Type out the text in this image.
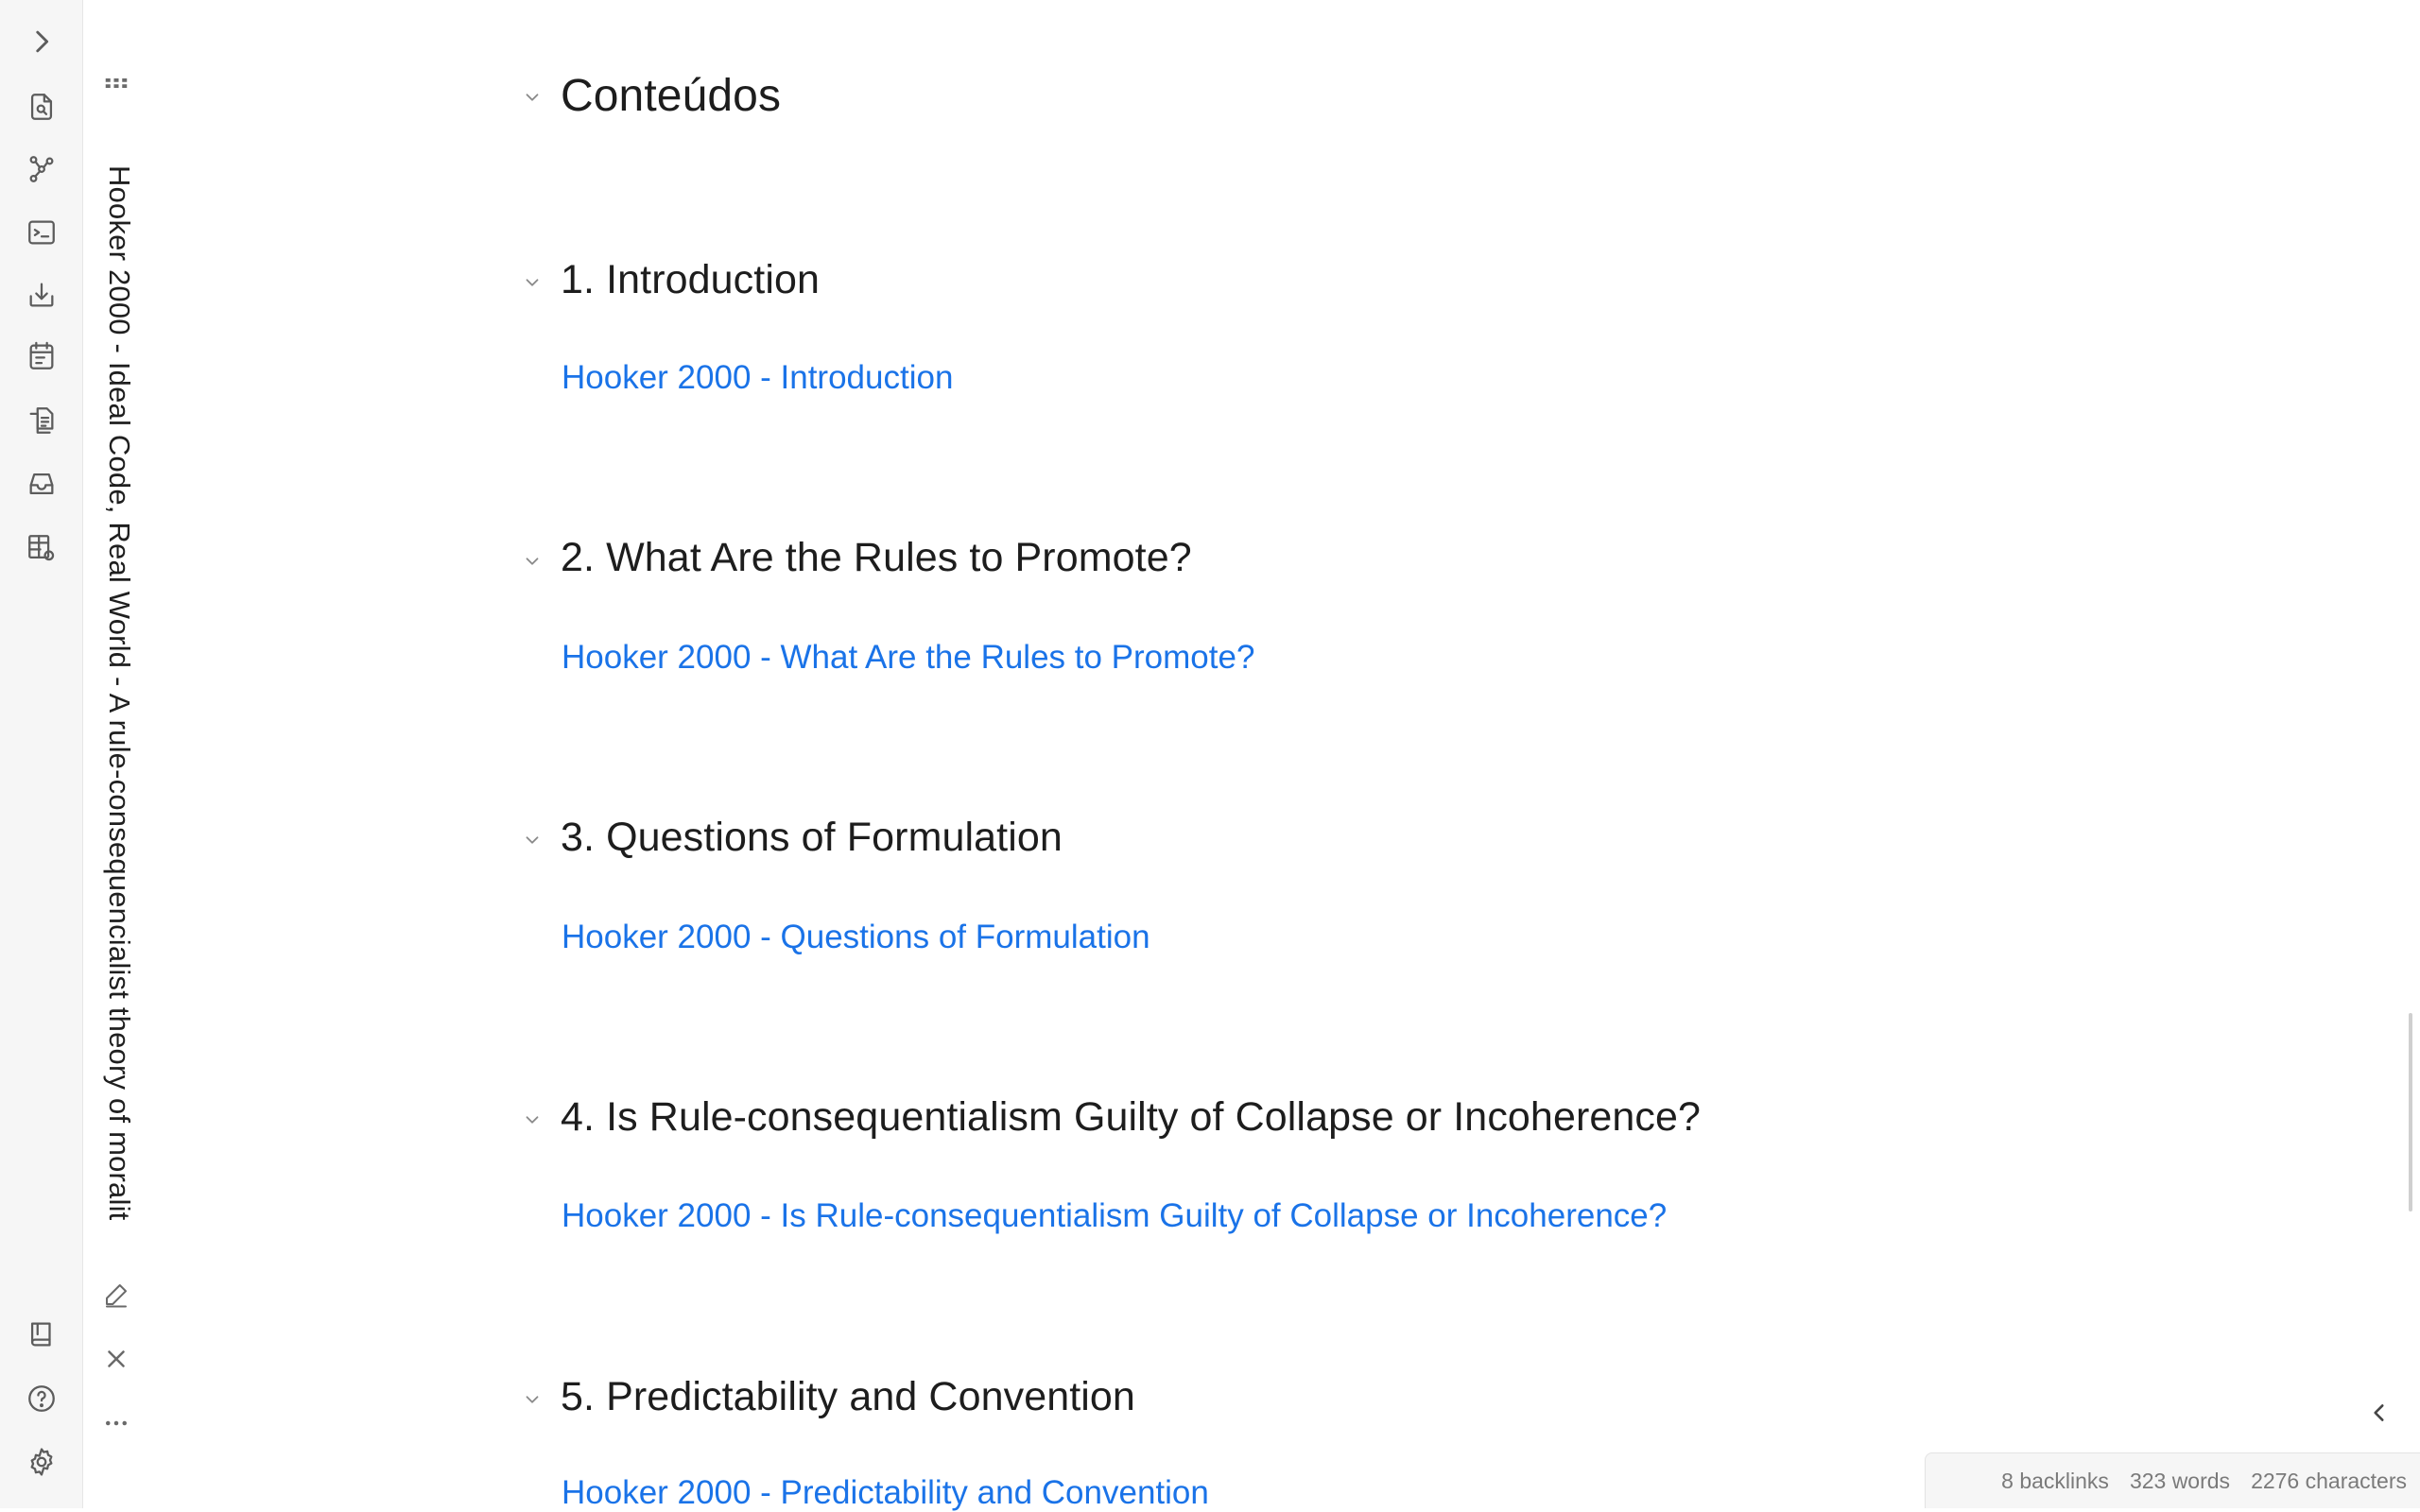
Hooker 2000 - Ideal Code, Real World - A rule-consequencialist theory of moralit
Conteúdos
1. Introduction
Hooker 2000 - Introduction
2. What Are the Rules to Promote?
Hooker 2000 - What Are the Rules to Promote?
3. Questions of Formulation
Hooker 2000 - Questions of Formulation
4. Is Rule-consequentialism Guilty of Collapse or Incoherence?
Hooker 2000 - Is Rule-consequentialism Guilty of Collapse or Incoherence?
5. Predictability and Convention
Hooker 2000 - Predictability and Convention	8 backlinks 323 words 2276 characters
